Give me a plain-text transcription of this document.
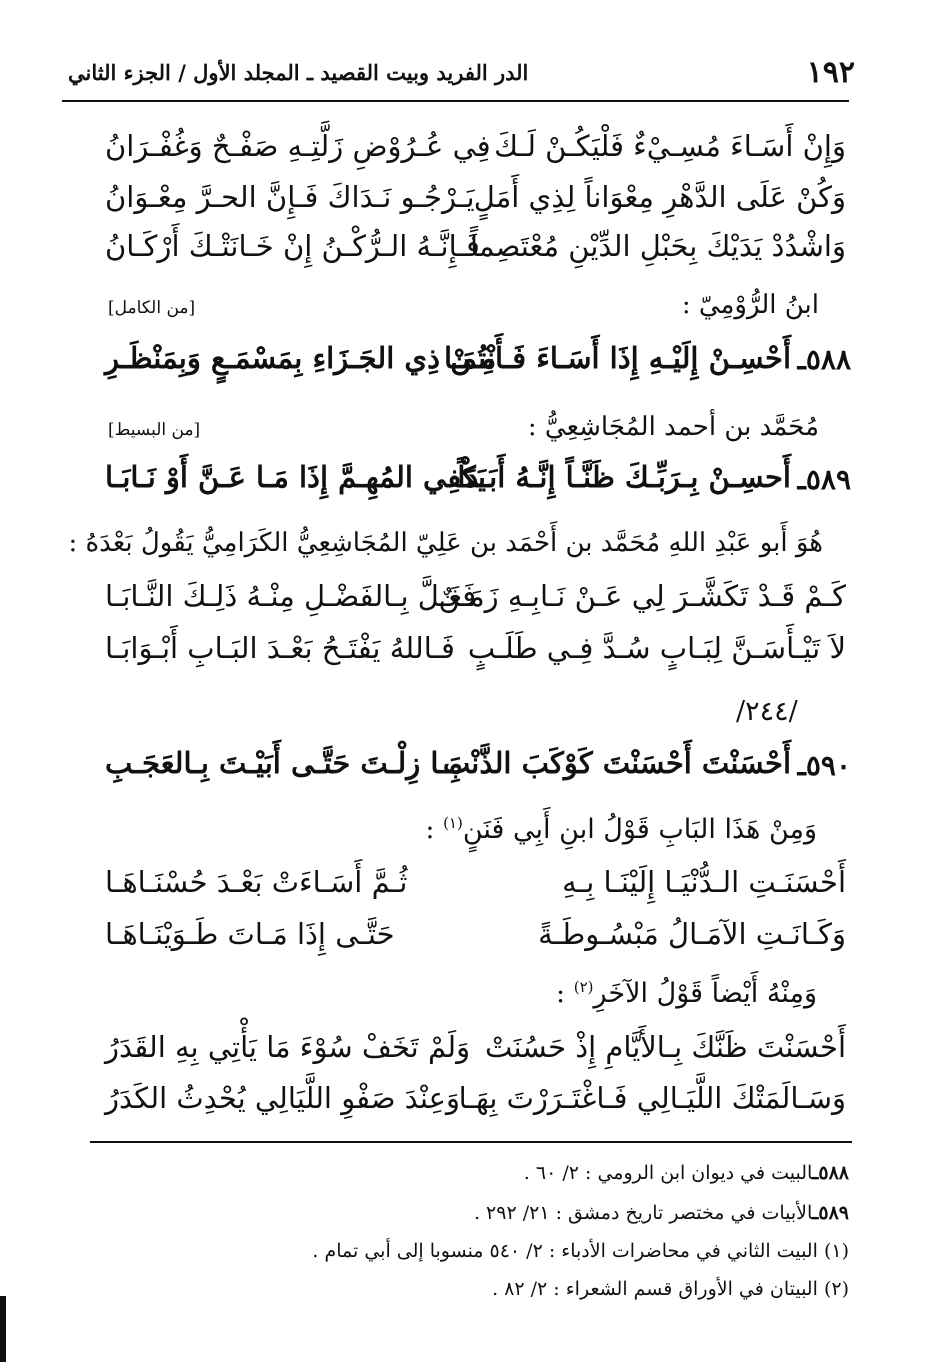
١٩٢
الدر الفريد وبيت القصيد ـ المجلد الأول / الجزء الثاني
وَإِنْ أَسَـاءَ مُسِـيْءٌ فَلْيَكُـنْ لَـكَ
فِي عُـرُوْضِ زَلَّتِـهِ صَفْـحٌ وَغُفْـرَانُ
وَكُنْ عَلَى الدَّهْرِ مِعْوَاناً لِذِي أَمَلٍ
يَـرْجُـو نَـدَاكَ فَـإِنَّ الحـرَّ مِعْـوَانُ
وَاشْدُدْ يَدَيْكَ بِحَبْلِ الدِّيْنِ مُعْتَصِماً
فَـإِنَّـهُ الـرُّكْـنُ إِنْ خَـانَتْـكَ أَرْكَـانُ
ابنُ الرُّوْمِيّ :
[من الكامل]
٥٨٨ـ
أَحْسِـنْ إِلَيْـهِ إِذَا أَسَـاءَ فَـأَنْتُمَـا
مِـنْ ذِي الجَـزَاءِ بِمَسْمَـعٍ وَبِمَنْظَـرِ
مُحَمَّد بن أحمد المُجَاشِعِيُّ :
[من البسيط]
٥٨٩ـ
أَحسِـنْ بِـرَبِّـكَ ظَنَّـاً إِنَّـهُ أَبَـدَاً
يَكْفِي المُهِـمَّ إِذَا مَـا عَـنَّ أَوْ نَـابَـا
هُوَ أَبو عَبْدِ اللهِ مُحَمَّد بن أَحْمَد بن عَلِيّ المُجَاشِعِيُّ الكَرَامِيُّ يَقُولُ بَعْدَهُ :
كَـمْ قَـدْ تَكَشَّـرَ لِي عَـنْ نَـابِـهِ زَمَـنٌ
فَغَـلَّ بِـالفَضْـلِ مِنْـهُ ذَلِـكَ النَّـابَـا
لاَ تَيْـأَسَـنَّ لِبَـابٍ سُـدَّ فِـي طَلَـبٍ
فَـاللهُ يَفْتَـحُ بَعْـدَ البَـابِ أَبْـوَابَـا
/٢٤٤/
٥٩٠ـ
أَحْسَنْتَ أَحْسَنْتَ كَوْكَبَ الذَّنْبِ
مَـا زِلْـتَ حَتَّـى أَبَيْـتَ بِـالعَجَـبِ
وَمِنْ هَذَا البَابِ قَوْلُ ابنِ أَبِي فَنَنٍ$^{(١)}$ :
أَحْسَنَـتِ الـدُّنْيَـا إِلَيْنَـا بِـهِ
ثُـمَّ أَسَـاءَتْ بَعْـدَ حُسْنَـاهَـا
وَكَـانَـتِ الآمَـالُ مَبْسُـوطَـةً
حَتَّـى إِذَا مَـاتَ طَـوَيْنَـاهَـا
وَمِنْهُ أَيْضاً قَوْلُ الآخَرِ$^{(٢)}$ :
أَحْسَنْتَ ظَنَّكَ بِـالأَيَّامِ إِذْ حَسُنَتْ
وَلَمْ تَخَفْ سُوْءَ مَا يَأْتِي بِهِ القَدَرُ
وَسَـالَمَتْكَ اللَّيَـالِي فَـاغْتَـرَرْتَ بِهَـا
وَعِنْدَ صَفْوِ اللَّيَالِي يُحْدِثُ الكَدَرُ
٥٨٨ـالبيت في ديوان ابن الرومي : ٢/ ٦٠ .
٥٨٩ـالأبيات في مختصر تاريخ دمشق : ٢١/ ٢٩٢ .
(١) البيت الثاني في محاضرات الأدباء : ٢/ ٥٤٠ منسوبا إلى أبي تمام .
(٢) البيتان في الأوراق قسم الشعراء : ٢/ ٨٢ .
